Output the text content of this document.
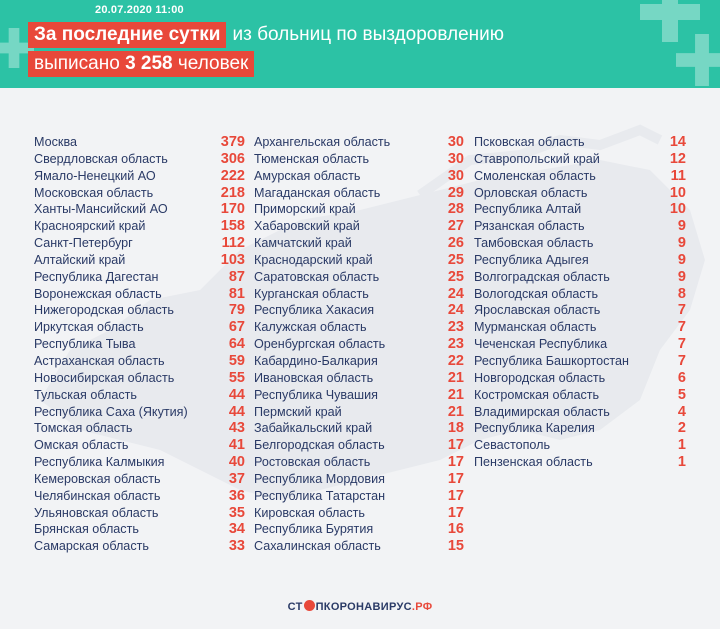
20.07.2020 11:00
За последние сутки из больниц по выздоровлению
выписано 3 258 человек
Москва	379
Свердловская область	306
Ямало-Ненецкий АО	222
Московская область	218
Ханты-Мансийский АО	170
Красноярский край	158
Санкт-Петербург	112
Алтайский край	103
Республика Дагестан	87
Воронежская область	81
Нижегородская область	79
Иркутская область	67
Республика Тыва	64
Астраханская область	59
Новосибирская область	55
Тульская область	44
Республика Саха (Якутия)	44
Томская область	43
Омская область	41
Республика Калмыкия	40
Кемеровская область	37
Челябинская область	36
Ульяновская область	35
Брянская область	34
Самарская область	33
Архангельская область	30
Тюменская область	30
Амурская область	30
Магаданская область	29
Приморский край	28
Хабаровский край	27
Камчатский край	26
Краснодарский край	25
Саратовская область	25
Курганская область	24
Республика Хакасия	24
Калужская область	23
Оренбургская область	23
Кабардино-Балкария	22
Ивановская область	21
Республика Чувашия	21
Пермский край	21
Забайкальский край	18
Белгородская область	17
Ростовская область	17
Республика Мордовия	17
Республика Татарстан	17
Кировская область	17
Республика Бурятия	16
Сахалинская область	15
Псковская область	14
Ставропольский край	12
Смоленская область	11
Орловская область	10
Республика Алтай	10
Рязанская область	9
Тамбовская область	9
Республика Адыгея	9
Волгоградская область	9
Вологодская область	8
Ярославская область	7
Мурманская область	7
Чеченская Республика	7
Республика Башкортостан	7
Новгородская область	6
Костромская область	5
Владимирская область	4
Республика Карелия	2
Севастополь	1
Пензенская область	1
СТ ПКОРОНАВИРУС.РФ
